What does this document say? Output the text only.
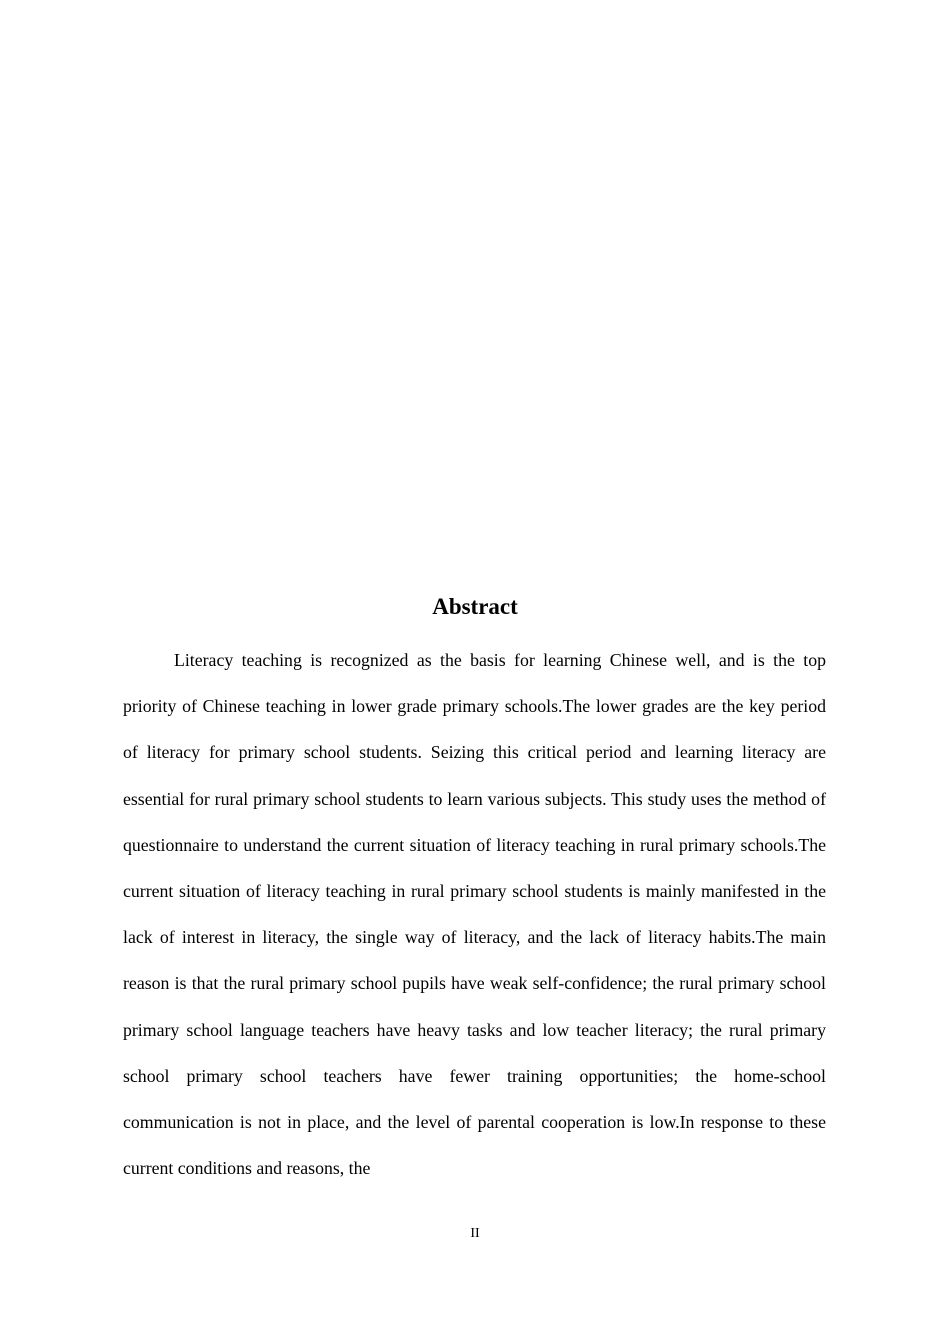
Abstract

Literacy teaching is recognized as the basis for learning Chinese well, and is the top priority of Chinese teaching in lower grade primary schools.The lower grades are the key period of literacy for primary school students. Seizing this critical period and learning literacy are essential for rural primary school students to learn various subjects. This study uses the method of questionnaire to understand the current situation of literacy teaching in rural primary schools.The current situation of literacy teaching in rural primary school students is mainly manifested in the lack of interest in literacy, the single way of literacy, and the lack of literacy habits.The main reason is that the rural primary school pupils have weak self-confidence; the rural primary school primary school language teachers have heavy tasks and low teacher literacy; the rural primary school primary school teachers have fewer training opportunities; the home-school communication is not in place, and the level of parental cooperation is low.In response to these current conditions and reasons, the

II
